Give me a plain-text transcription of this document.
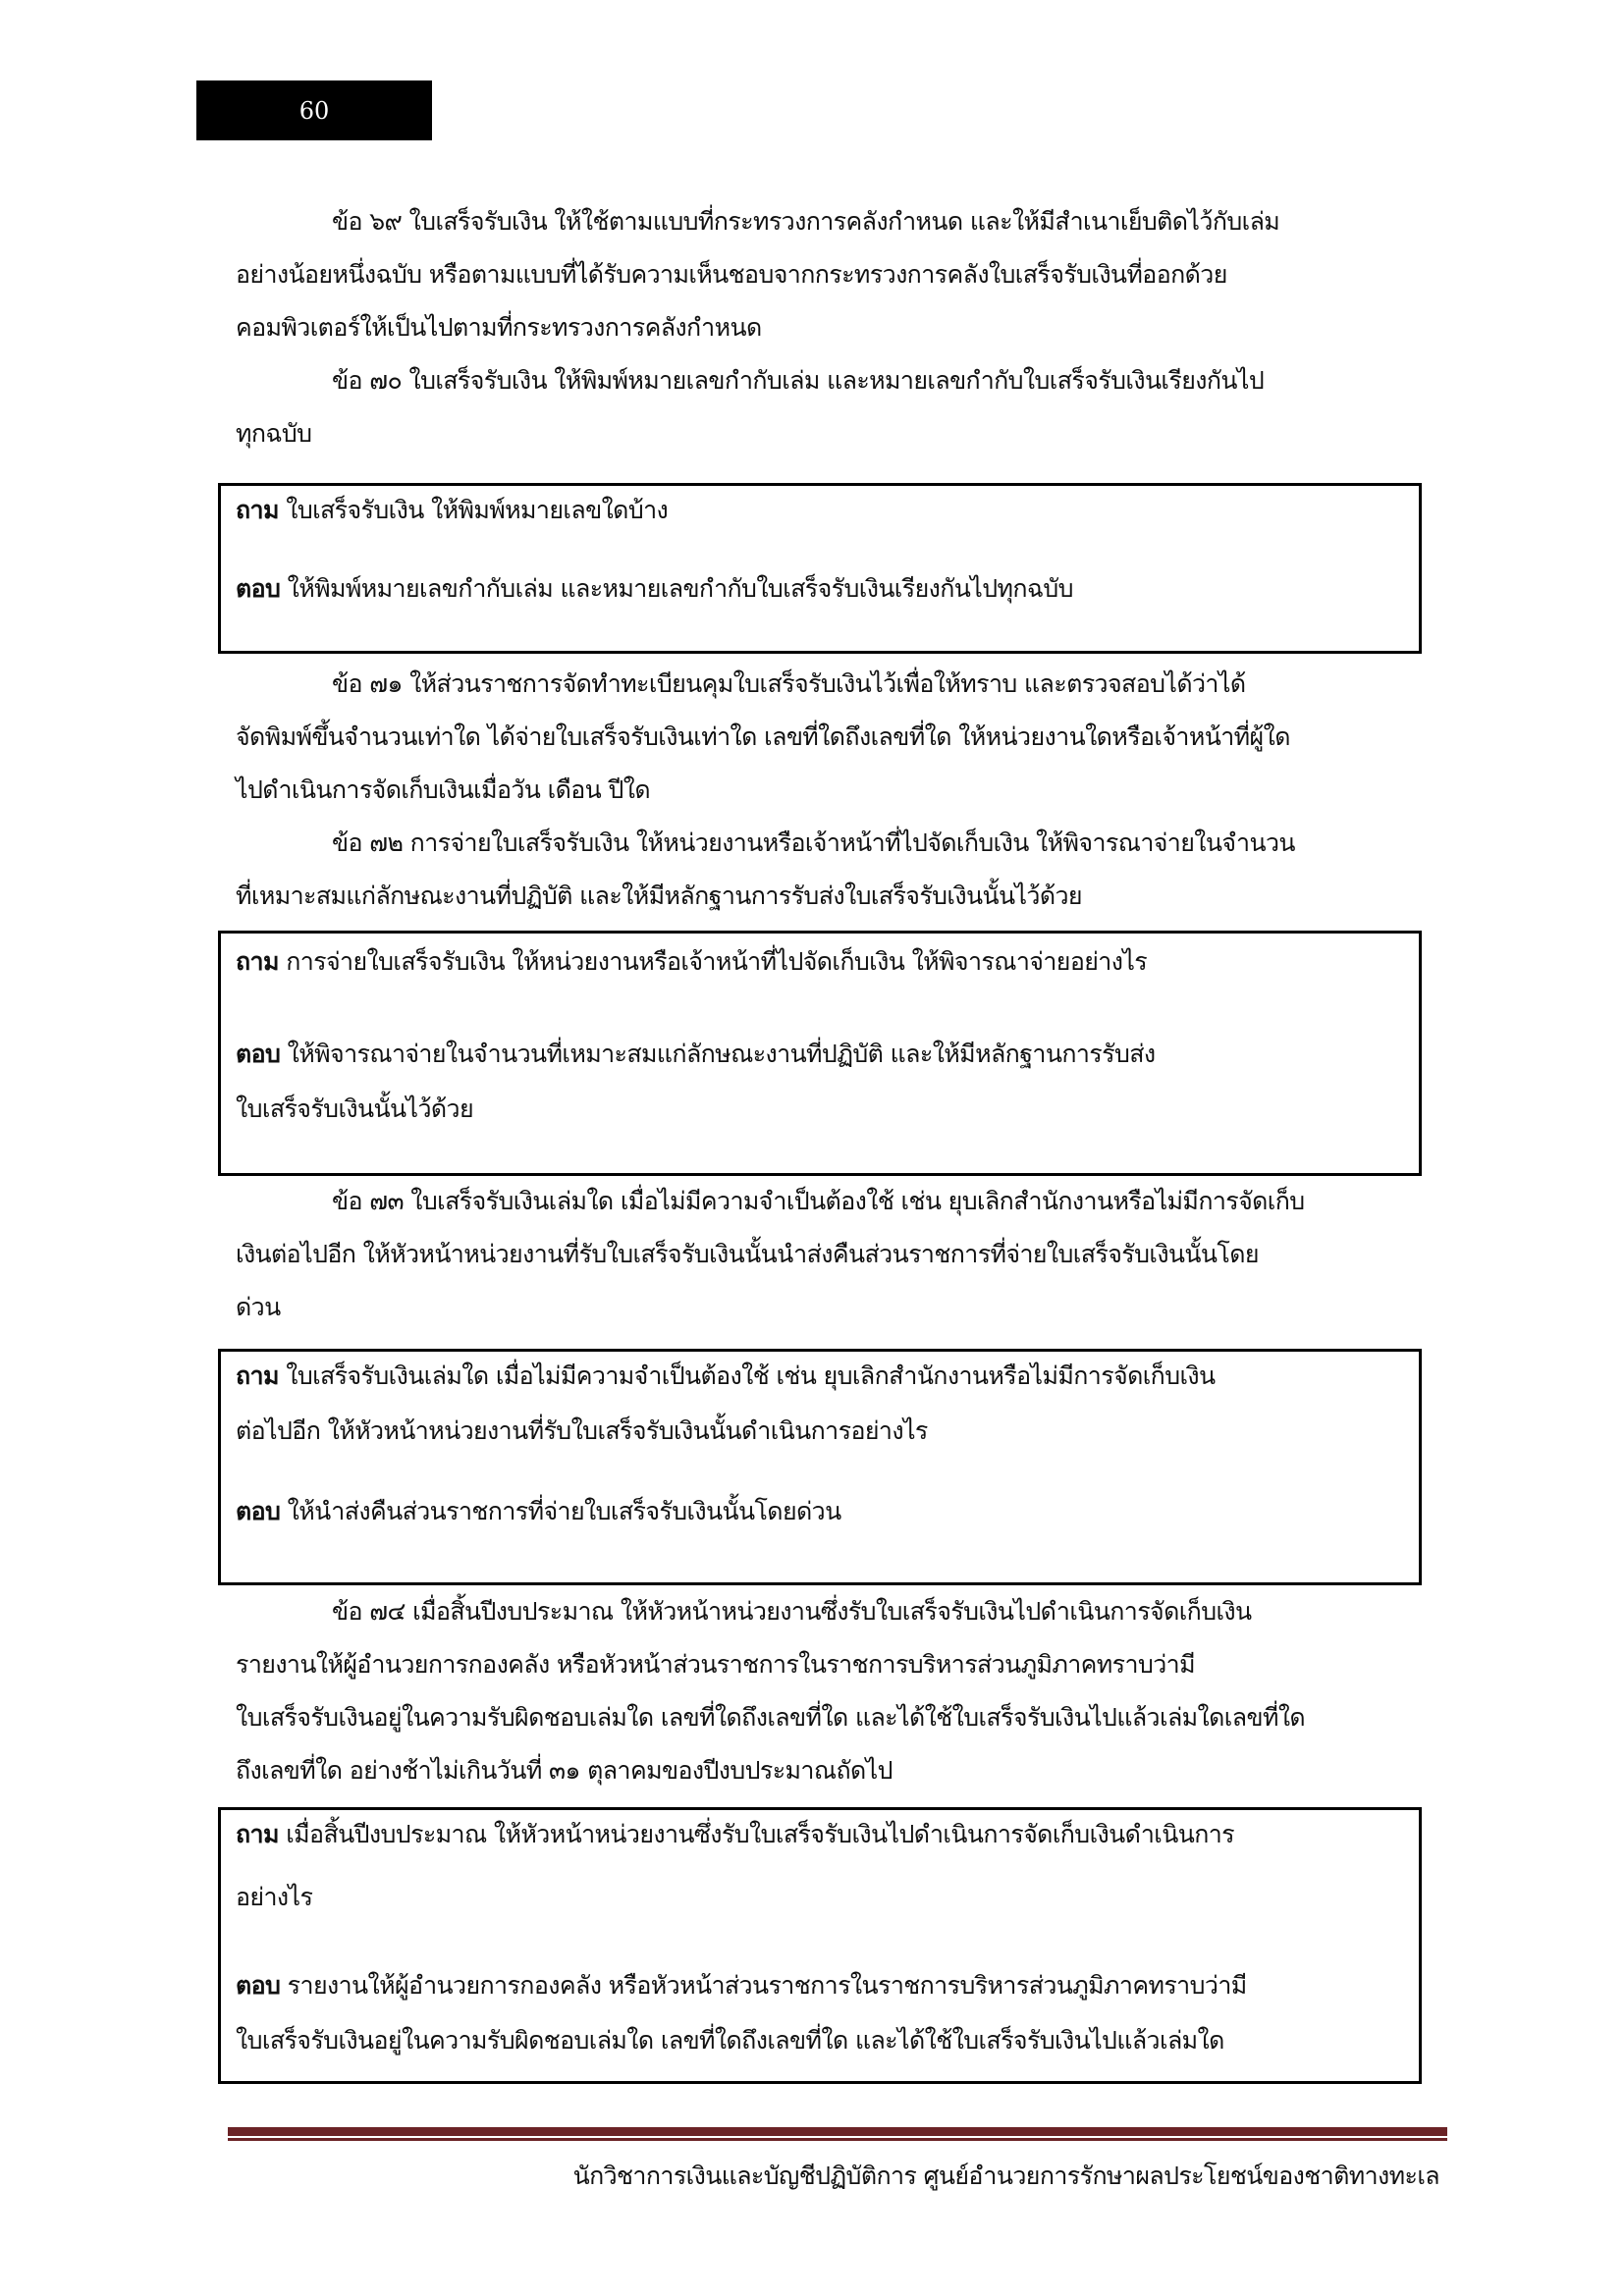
60
ข้อ ๖๙ ใบเสร็จรับเงิน ให้ใช้ตามแบบที่กระทรวงการคลังกำหนด และให้มีสำเนาเย็บติดไว้กับเล่ม
อย่างน้อยหนึ่งฉบับ หรือตามแบบที่ได้รับความเห็นชอบจากกระทรวงการคลังใบเสร็จรับเงินที่ออกด้วย
คอมพิวเตอร์ให้เป็นไปตามที่กระทรวงการคลังกำหนด
ข้อ ๗๐ ใบเสร็จรับเงิน ให้พิมพ์หมายเลขกำกับเล่ม และหมายเลขกำกับใบเสร็จรับเงินเรียงกันไป
ทุกฉบับ
ถาม ใบเสร็จรับเงิน ให้พิมพ์หมายเลขใดบ้าง
ตอบ ให้พิมพ์หมายเลขกำกับเล่ม และหมายเลขกำกับใบเสร็จรับเงินเรียงกันไปทุกฉบับ
ข้อ ๗๑ ให้ส่วนราชการจัดทำทะเบียนคุมใบเสร็จรับเงินไว้เพื่อให้ทราบ และตรวจสอบได้ว่าได้
จัดพิมพ์ขึ้นจำนวนเท่าใด ได้จ่ายใบเสร็จรับเงินเท่าใด เลขที่ใดถึงเลขที่ใด ให้หน่วยงานใดหรือเจ้าหน้าที่ผู้ใด
ไปดำเนินการจัดเก็บเงินเมื่อวัน เดือน ปีใด
ข้อ ๗๒ การจ่ายใบเสร็จรับเงิน ให้หน่วยงานหรือเจ้าหน้าที่ไปจัดเก็บเงิน ให้พิจารณาจ่ายในจำนวน
ที่เหมาะสมแก่ลักษณะงานที่ปฏิบัติ และให้มีหลักฐานการรับส่งใบเสร็จรับเงินนั้นไว้ด้วย
ถาม การจ่ายใบเสร็จรับเงิน ให้หน่วยงานหรือเจ้าหน้าที่ไปจัดเก็บเงิน ให้พิจารณาจ่ายอย่างไร
ตอบ ให้พิจารณาจ่ายในจำนวนที่เหมาะสมแก่ลักษณะงานที่ปฏิบัติ และให้มีหลักฐานการรับส่ง
ใบเสร็จรับเงินนั้นไว้ด้วย
ข้อ ๗๓ ใบเสร็จรับเงินเล่มใด เมื่อไม่มีความจำเป็นต้องใช้ เช่น ยุบเลิกสำนักงานหรือไม่มีการจัดเก็บ
เงินต่อไปอีก ให้หัวหน้าหน่วยงานที่รับใบเสร็จรับเงินนั้นนำส่งคืนส่วนราชการที่จ่ายใบเสร็จรับเงินนั้นโดย
ด่วน
ถาม ใบเสร็จรับเงินเล่มใด เมื่อไม่มีความจำเป็นต้องใช้ เช่น ยุบเลิกสำนักงานหรือไม่มีการจัดเก็บเงิน
ต่อไปอีก ให้หัวหน้าหน่วยงานที่รับใบเสร็จรับเงินนั้นดำเนินการอย่างไร
ตอบ ให้นำส่งคืนส่วนราชการที่จ่ายใบเสร็จรับเงินนั้นโดยด่วน
ข้อ ๗๔ เมื่อสิ้นปีงบประมาณ ให้หัวหน้าหน่วยงานซึ่งรับใบเสร็จรับเงินไปดำเนินการจัดเก็บเงิน
รายงานให้ผู้อำนวยการกองคลัง หรือหัวหน้าส่วนราชการในราชการบริหารส่วนภูมิภาคทราบว่ามี
ใบเสร็จรับเงินอยู่ในความรับผิดชอบเล่มใด เลขที่ใดถึงเลขที่ใด และได้ใช้ใบเสร็จรับเงินไปแล้วเล่มใดเลขที่ใด
ถึงเลขที่ใด อย่างช้าไม่เกินวันที่ ๓๑ ตุลาคมของปีงบประมาณถัดไป
ถาม เมื่อสิ้นปีงบประมาณ ให้หัวหน้าหน่วยงานซึ่งรับใบเสร็จรับเงินไปดำเนินการจัดเก็บเงินดำเนินการ
อย่างไร
ตอบ รายงานให้ผู้อำนวยการกองคลัง หรือหัวหน้าส่วนราชการในราชการบริหารส่วนภูมิภาคทราบว่ามี
ใบเสร็จรับเงินอยู่ในความรับผิดชอบเล่มใด เลขที่ใดถึงเลขที่ใด และได้ใช้ใบเสร็จรับเงินไปแล้วเล่มใด
นักวิชาการเงินและบัญชีปฏิบัติการ ศูนย์อำนวยการรักษาผลประโยชน์ของชาติทางทะเล
